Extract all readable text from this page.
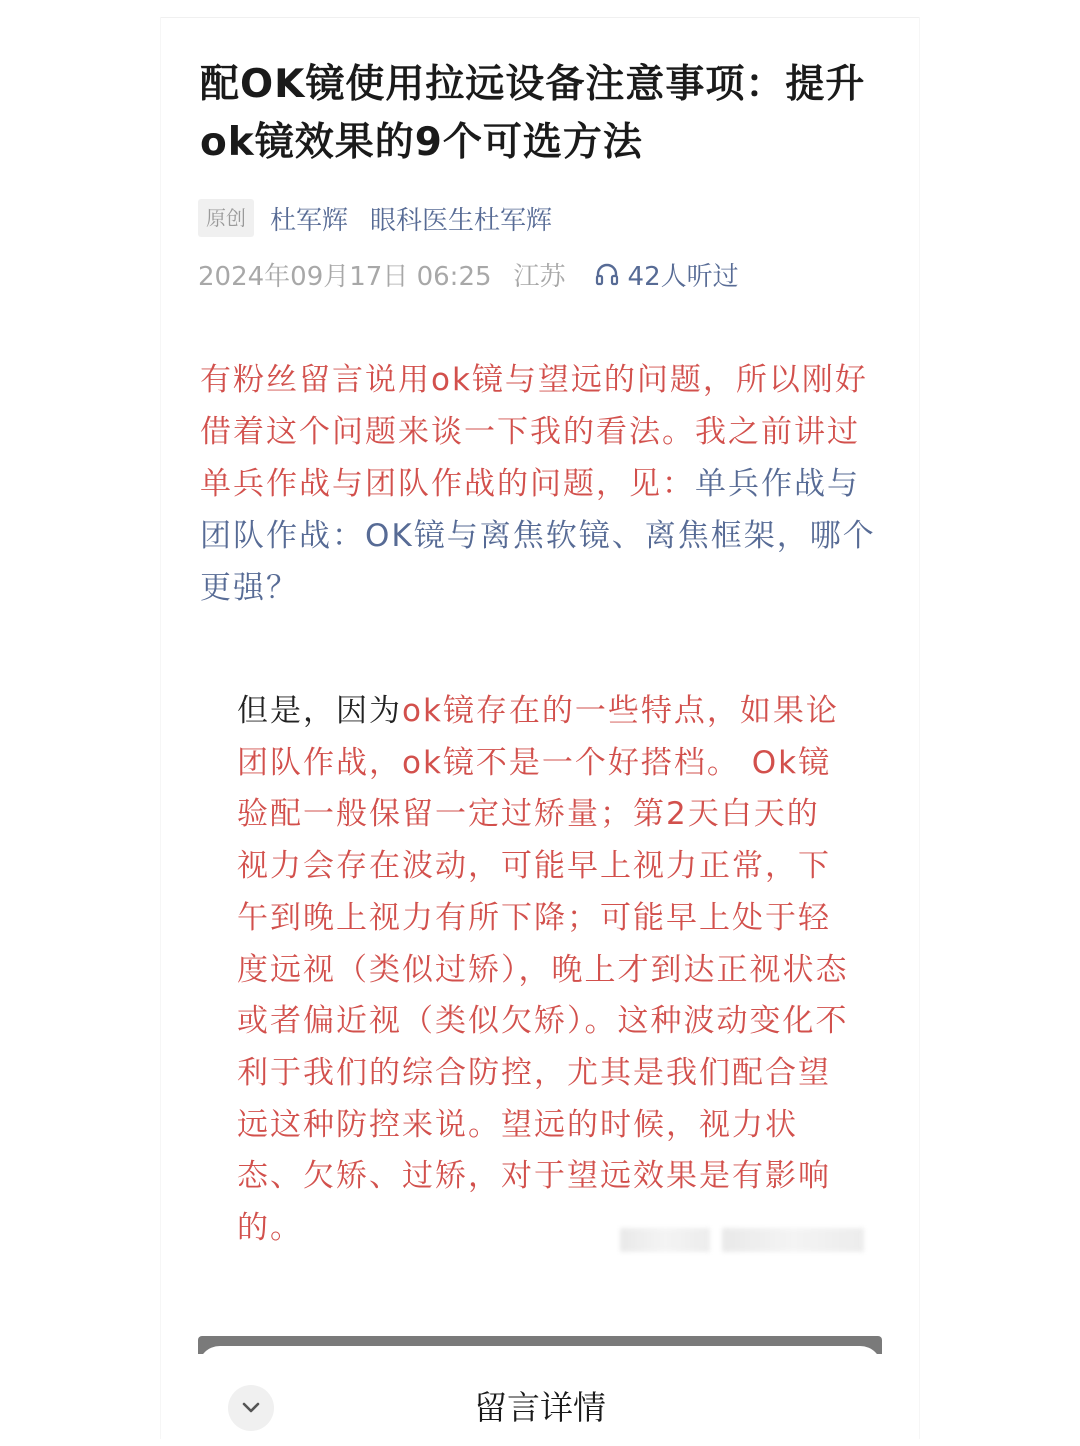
配OK镜使用拉远设备注意事项：提升ok镜效果的9个可选方法
原创 杜军辉 眼科医生杜军辉
2024年09月17日 06:25 江苏 42人听过

有粉丝留言说用ok镜与望远的问题，所以刚好借着这个问题来谈一下我的看法。我之前讲过单兵作战与团队作战的问题，见：单兵作战与团队作战：OK镜与离焦软镜、离焦框架，哪个更强？

但是，因为ok镜存在的一些特点，如果论团队作战，ok镜不是一个好搭档。 Ok镜验配一般保留一定过矫量；第2天白天的视力会存在波动，可能早上视力正常，下午到晚上视力有所下降；可能早上处于轻度远视（类似过矫），晚上才到达正视状态或者偏近视（类似欠矫）。这种波动变化不利于我们的综合防控，尤其是我们配合望远这种防控来说。望远的时候，视力状态、欠矫、过矫，对于望远效果是有影响的。

留言详情
